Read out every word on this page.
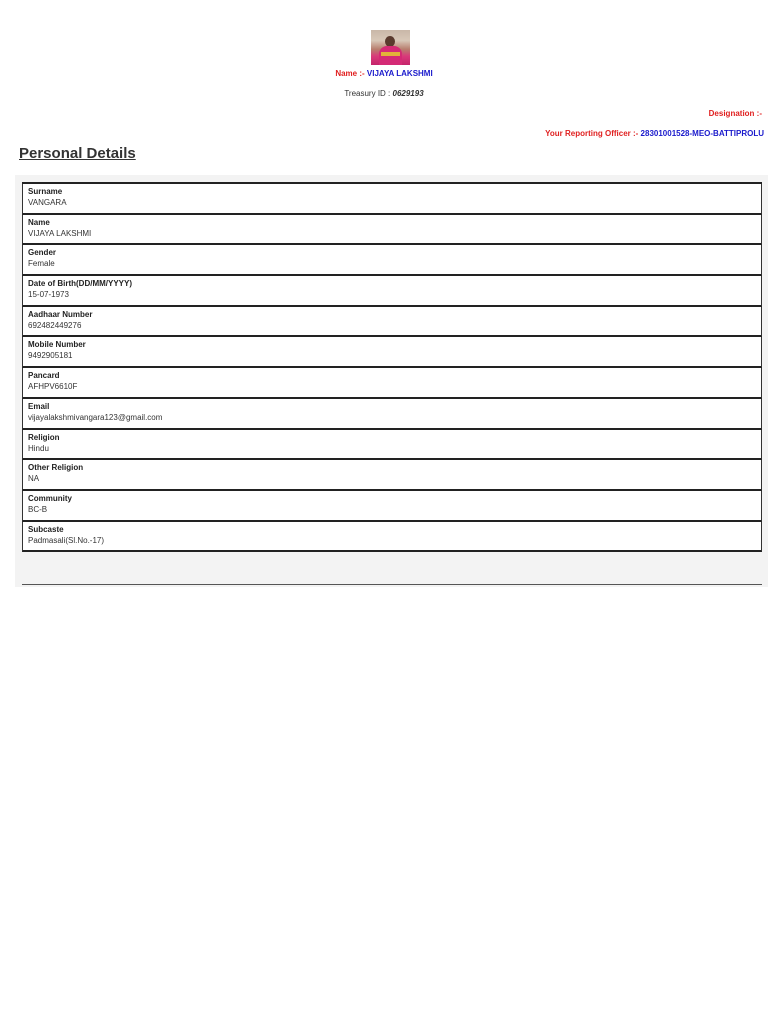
Name :- VIJAYA LAKSHMI
Treasury ID : 0629193
Designation :-
Your Reporting Officer :- 28301001528-MEO-BATTIPROLU
Personal Details
Surname
VANGARA
Name
VIJAYA LAKSHMI
Gender
Female
Date of Birth(DD/MM/YYYY)
15-07-1973
Aadhaar Number
692482449276
Mobile Number
9492905181
Pancard
AFHPV6610F
Email
vijayalakshmivangara123@gmail.com
Religion
Hindu
Other Religion
NA
Community
BC-B
Subcaste
Padmasali(Sl.No.-17)
